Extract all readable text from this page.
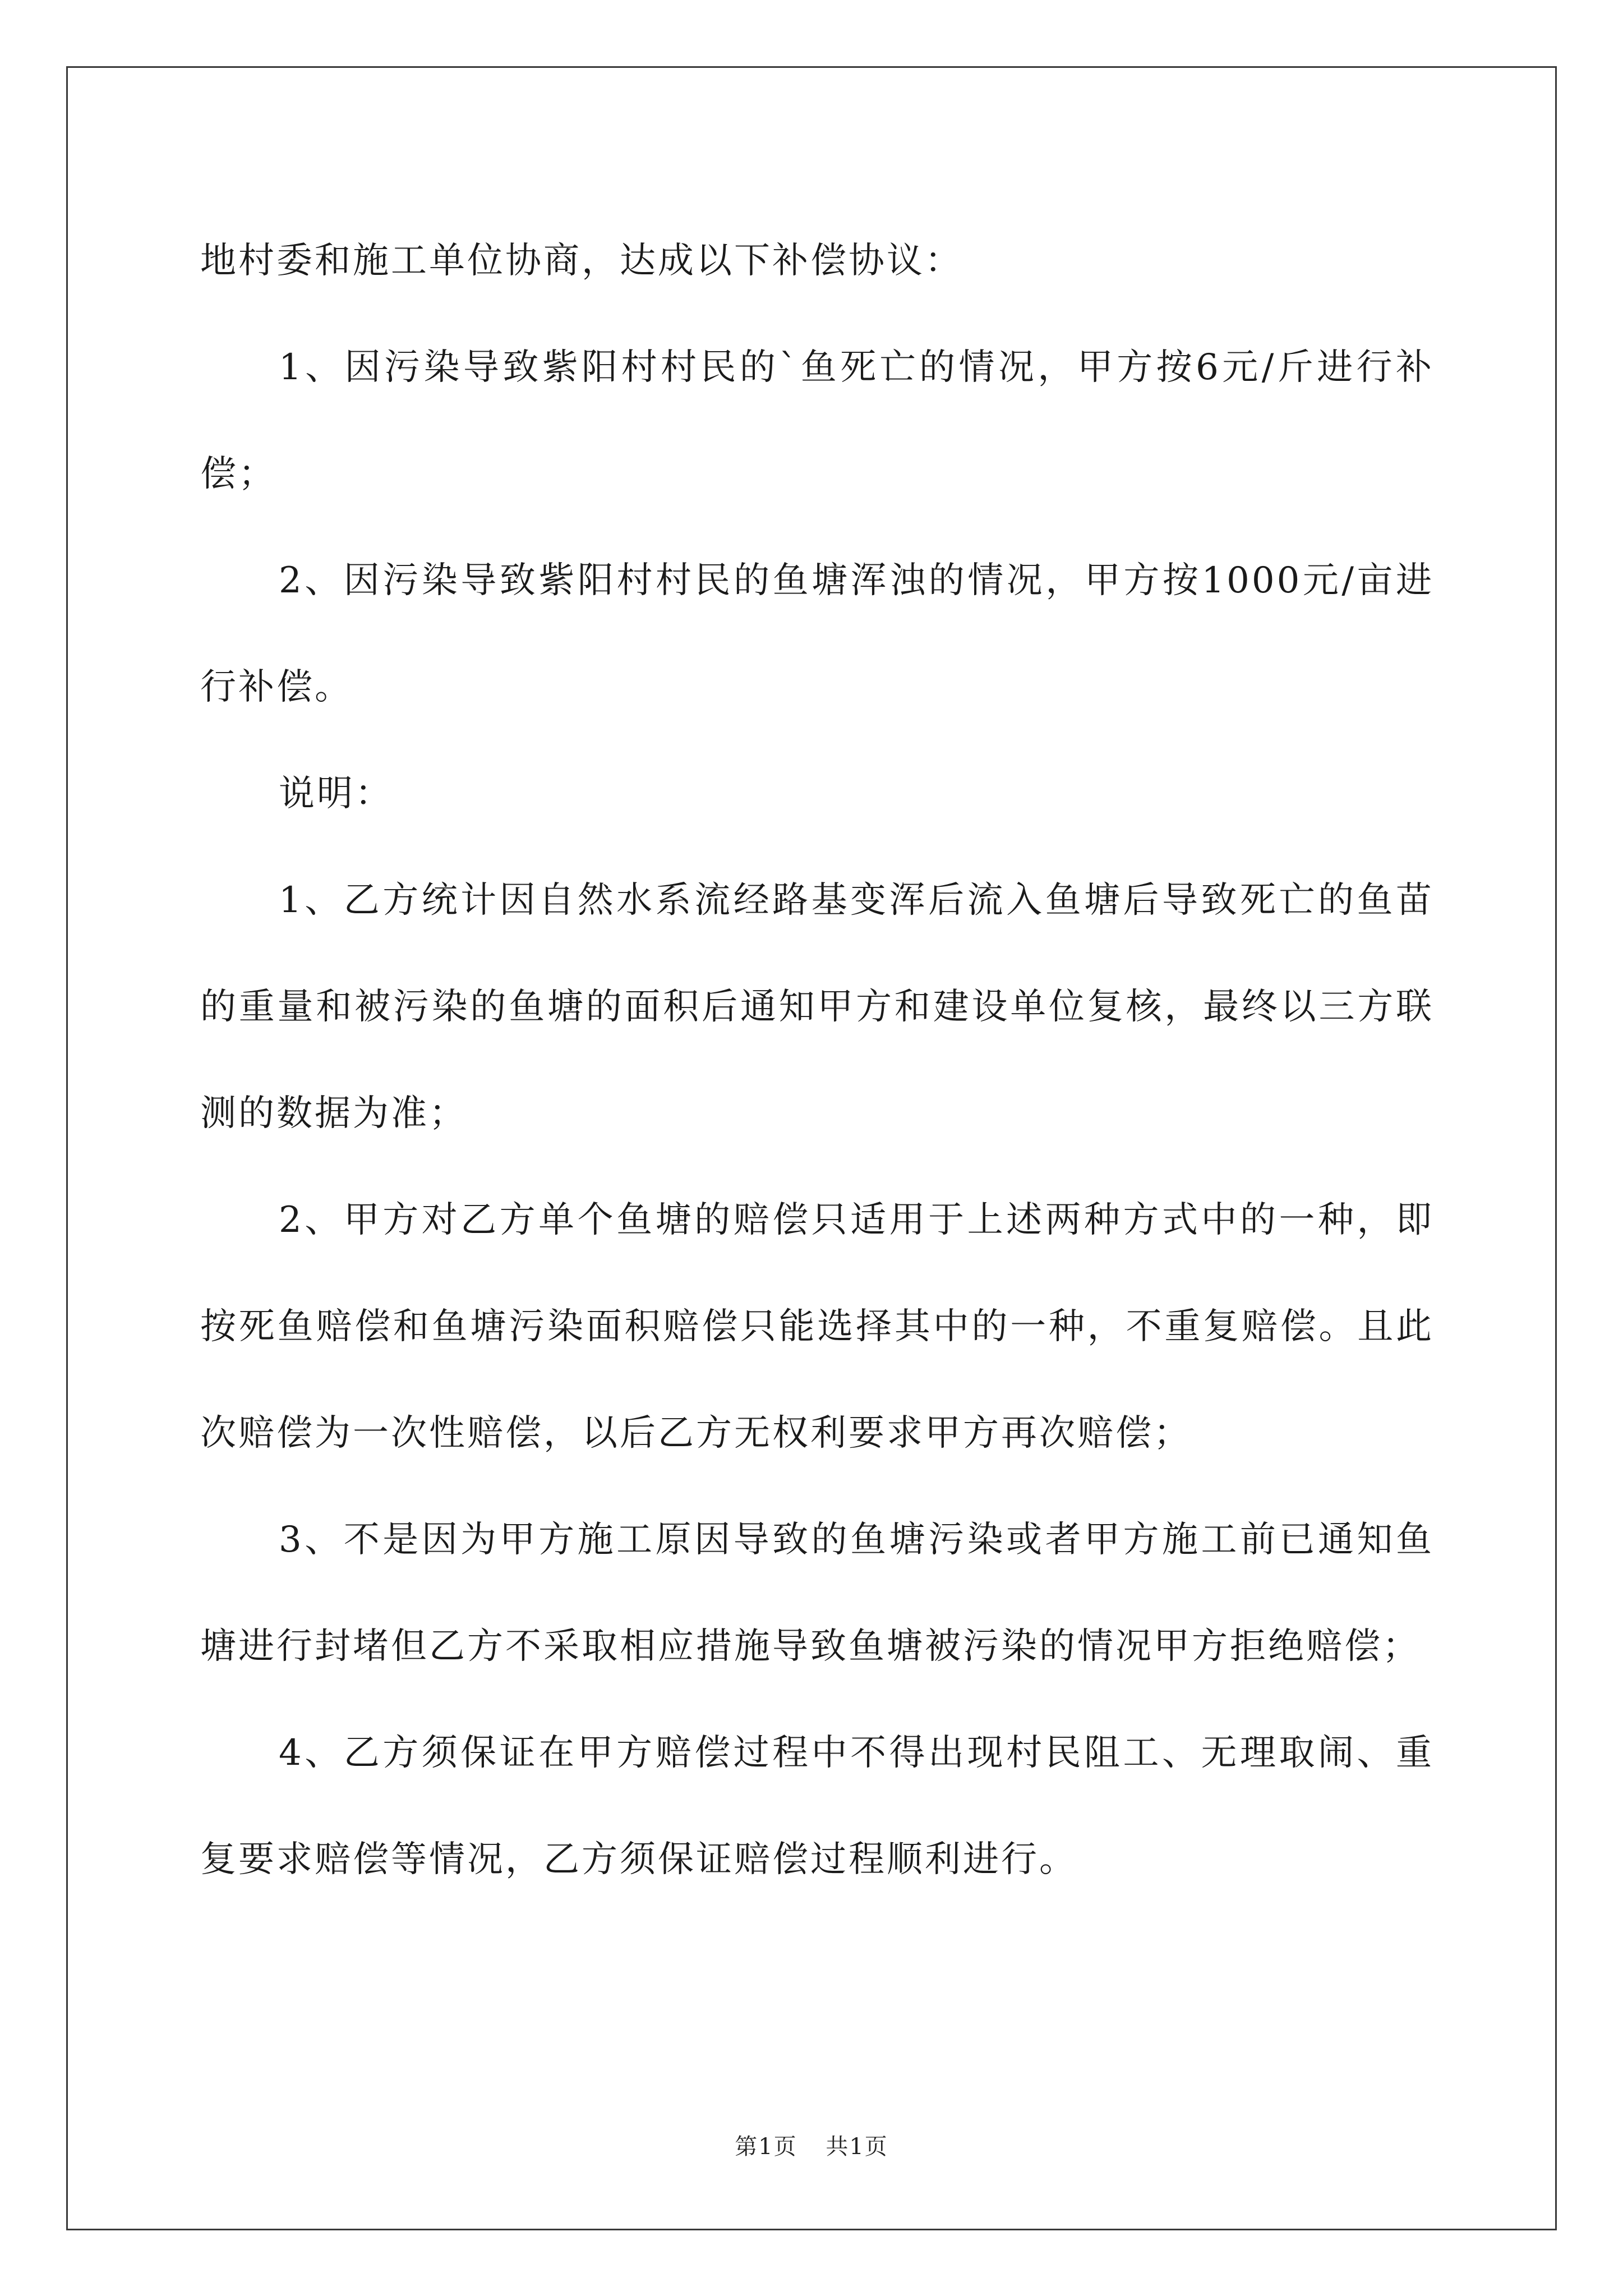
地村委和施工单位协商，达成以下补偿协议：

1、因污染导致紫阳村村民的`鱼死亡的情况，甲方按6元/斤进行补偿；

2、因污染导致紫阳村村民的鱼塘浑浊的情况，甲方按1000元/亩进行补偿。

说明：

1、乙方统计因自然水系流经路基变浑后流入鱼塘后导致死亡的鱼苗的重量和被污染的鱼塘的面积后通知甲方和建设单位复核，最终以三方联测的数据为准；

2、甲方对乙方单个鱼塘的赔偿只适用于上述两种方式中的一种，即按死鱼赔偿和鱼塘污染面积赔偿只能选择其中的一种，不重复赔偿。且此次赔偿为一次性赔偿，以后乙方无权利要求甲方再次赔偿；

3、不是因为甲方施工原因导致的鱼塘污染或者甲方施工前已通知鱼塘进行封堵但乙方不采取相应措施导致鱼塘被污染的情况甲方拒绝赔偿；

4、乙方须保证在甲方赔偿过程中不得出现村民阻工、无理取闹、重复要求赔偿等情况，乙方须保证赔偿过程顺利进行。

第1页 共1页
